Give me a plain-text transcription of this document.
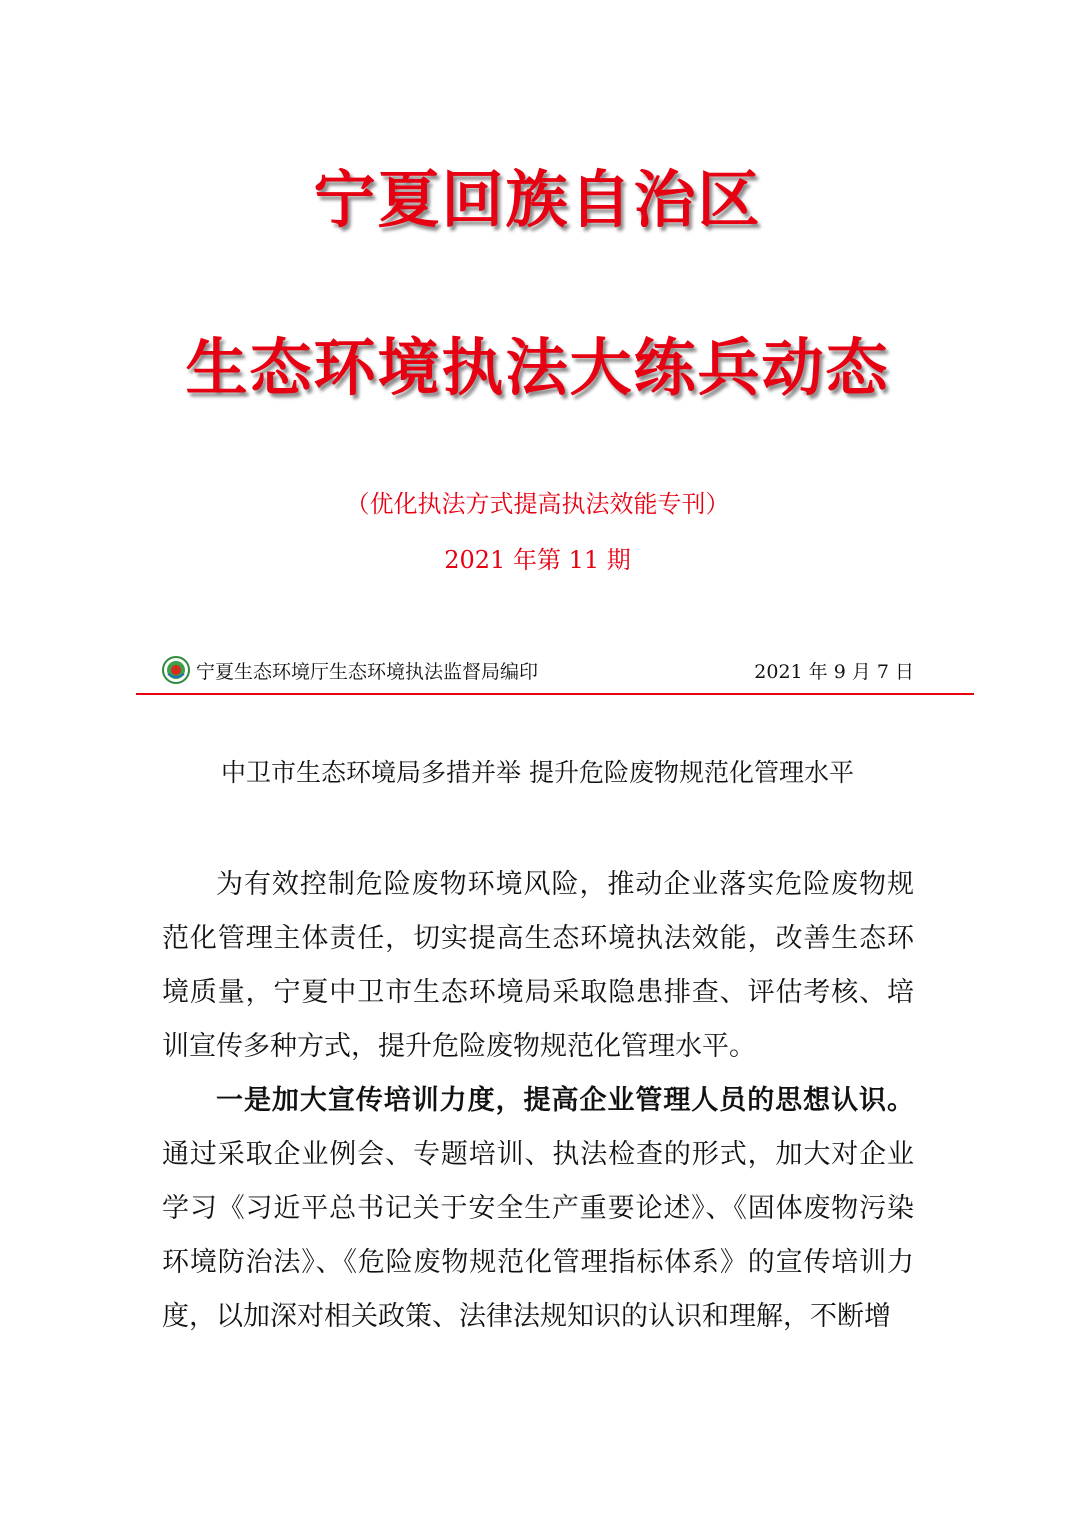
宁夏回族自治区
生态环境执法大练兵动态
（优化执法方式提高执法效能专刊）
2021 年第 11 期
宁夏生态环境厅生态环境执法监督局编印	2021 年 9 月 7 日
中卫市生态环境局多措并举 提升危险废物规范化管理水平

为有效控制危险废物环境风险，推动企业落实危险废物规范化管理主体责任，切实提高生态环境执法效能，改善生态环境质量，宁夏中卫市生态环境局采取隐患排查、评估考核、培训宣传多种方式，提升危险废物规范化管理水平。

一是加大宣传培训力度，提高企业管理人员的思想认识。通过采取企业例会、专题培训、执法检查的形式，加大对企业学习《习近平总书记关于安全生产重要论述》、《固体废物污染环境防治法》、《危险废物规范化管理指标体系》的宣传培训力度，以加深对相关政策、法律法规知识的认识和理解，不断增
